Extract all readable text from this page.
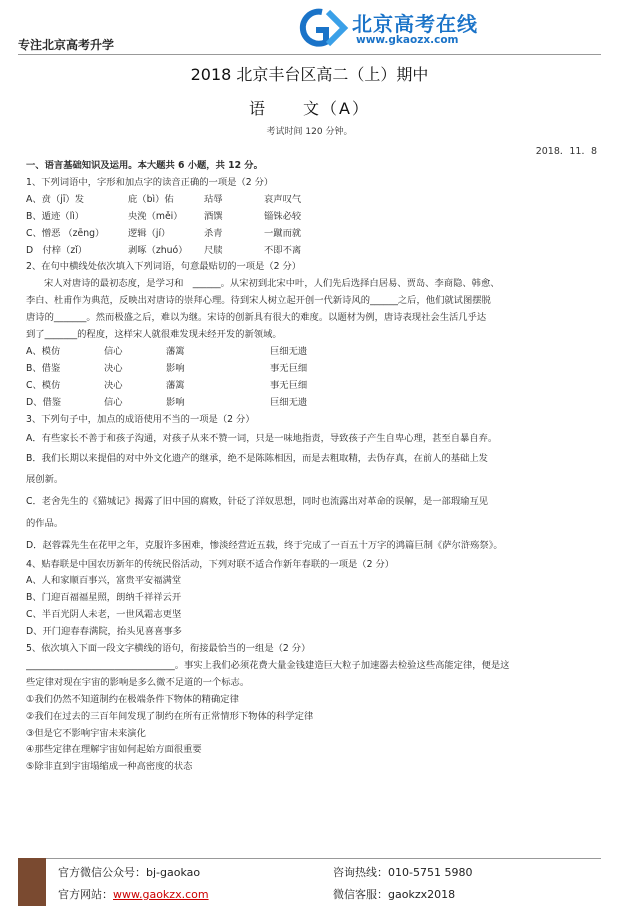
专注北京高考升学
北京高考在线
www.gkaozx.com
2018 北京丰台区高二（上）期中
语　　文（A）
考试时间 120 分钟。
2018．11．8
一、语言基础知识及运用。本大题共 6 小题，共 12 分。
1、下列词语中，字形和加点字的读音正确的一项是（2 分）
A、贲（jī）发	庇（bì）佑	玷辱	哀声叹气
B、遁迹（lì）	央浼（měi） 酒馔	锱铢必较
C、憎恶 （zēng）	逻辑（jí）	杀青	一蹴而就
D　付梓（zǐ）	剥啄（zhuó） 尺牍	不即不离
2、在句中横线处依次填入下列词语，句意最贴切的一项是（2 分）
宋人对唐诗的最初态度，是学习和　______。从宋初到北宋中叶，人们先后选择白居易、贾岛、李商隐、韩愈、
李白、杜甫作为典范，反映出对唐诗的崇拜心理。待到宋人树立起开创一代新诗风的______之后，他们就试图摆脱
唐诗的_______。然而极盛之后，难以为继。宋诗的创新具有很大的难度。以题材为例，唐诗表现社会生活几乎达
到了_______的程度，这样宋人就很难发现未经开发的新领域。
A、模仿	信心	藩篱	巨细无遗
B、借鉴	决心	影响	事无巨细
C、模仿	决心	藩篱	事无巨细
D、借鉴	信心	影响	巨细无遗
3、下列句子中，加点的成语使用不当的一项是（2 分）
A．有些家长不善于和孩子沟通，对孩子从来不赞一词，只是一味地指责，导致孩子产生自卑心理，甚至自暴自弃。
B．我们长期以来提倡的对中外文化遗产的继承，绝不是陈陈相因，而是去粗取精，去伪存真，在前人的基础上发
展创新。
C．老舍先生的《猫城记》揭露了旧中国的腐败，针砭了洋奴思想，同时也流露出对革命的误解，是一部瑕瑜互见
的作品。
D．赵蓉霖先生在花甲之年，克服许多困难，惨淡经营近五载，终于完成了一百五十万字的鸿篇巨制《萨尔浒殇祭》。
4、贴春联是中国农历新年的传统民俗活动，下列对联不适合作新年春联的一项是（2 分）
A、人和家顺百事兴，富贵平安福满堂
B、门迎百福福星照，朗纳千祥祥云开
C、半百光阴人未老，一世风霜志更坚
D、开门迎春春满院，抬头见喜喜事多
5、依次填入下面一段文字横线的语句，衔接最恰当的一组是（2 分）
________________________________。事实上我们必须花费大量金钱建造巨大粒子加速器去检验这些高能定律，便是这
些定律对现在宇宙的影响是多么微不足道的一个标志。
①我们仍然不知道制约在极端条件下物体的精确定律
②我们在过去的三百年间发现了制约在所有正常情形下物体的科学定律
③但是它不影响宇宙未来演化
④那些定律在理解宇宙如何起始方面很重要
⑤除非直到宇宙塌缩成一种高密度的状态
官方微信公众号：bj-gaokao
官方网站：www.gaokzx.com
咨询热线：010-5751 5980
微信客服：gaokzx2018
